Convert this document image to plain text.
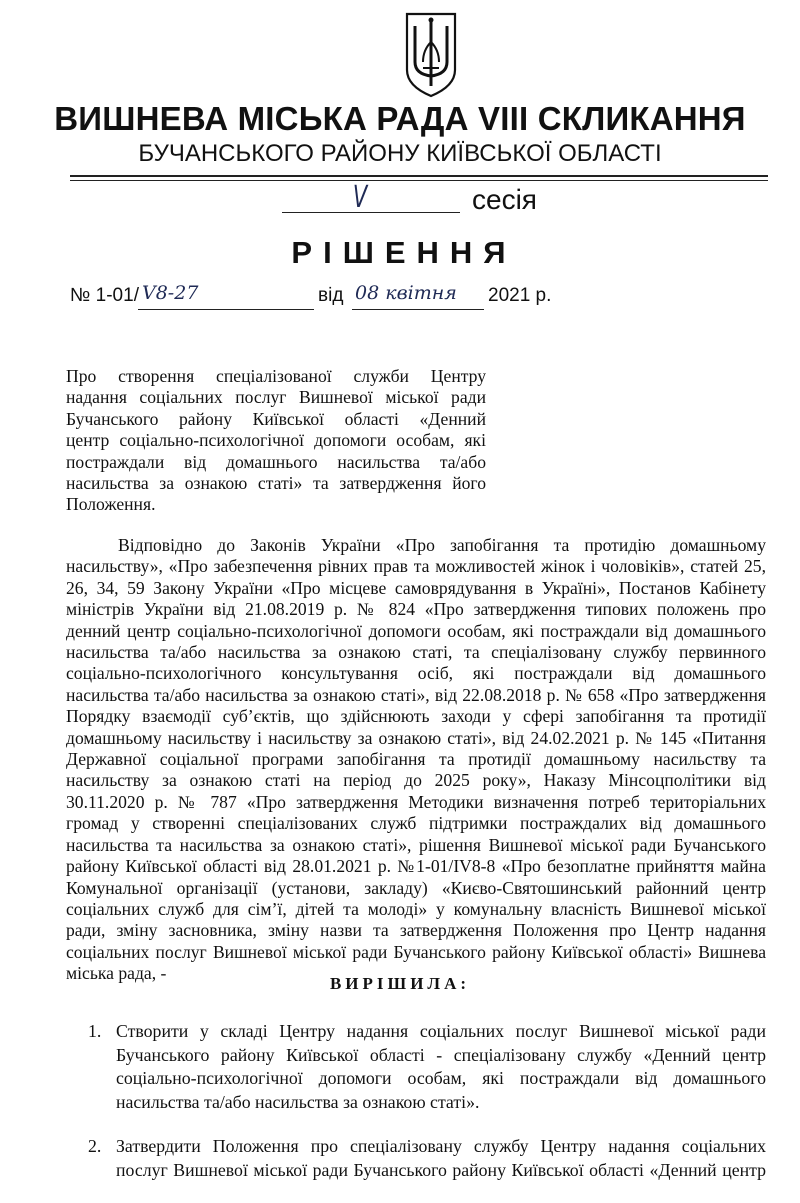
ВИШНЕВА МІСЬКА РАДА VIII СКЛИКАННЯ
БУЧАНСЬКОГО РАЙОНУ КИЇВСЬКОЇ ОБЛАСТІ
V	сесія
РІШЕННЯ
№ 1-01/ V8-27	від 08 квітня 2021 р.
Про створення спеціалізованої служби Центру
надання соціальних послуг Вишневої міської ради
Бучанського району Київської області «Денний
центр соціально-психологічної допомоги особам, які
постраждали від домашнього насильства та/або
насильства за ознакою статі» та затвердження його
Положення.
Відповідно до Законів України «Про запобігання та протидію домашньому
насильству», «Про забезпечення рівних прав та можливостей жінок і чоловіків», статей 25,
26, 34, 59 Закону України «Про місцеве самоврядування в Україні», Постанов Кабінету
міністрів України від 21.08.2019 р. № 824 «Про затвердження типових положень про
денний центр соціально-психологічної допомоги особам, які постраждали від домашнього
насильства та/або насильства за ознакою статі, та спеціалізовану службу первинного
соціально-психологічного консультування осіб, які постраждали від домашнього
насильства та/або насильства за ознакою статі», від 22.08.2018 р. № 658 «Про затвердження
Порядку взаємодії суб’єктів, що здійснюють заходи у сфері запобігання та протидії
домашньому насильству і насильству за ознакою статі», від 24.02.2021 р. № 145 «Питання
Державної соціальної програми запобігання та протидії домашньому насильству та
насильству за ознакою статі на період до 2025 року», Наказу Мінсоцполітики від
30.11.2020 р. № 787 «Про затвердження Методики визначення потреб територіальних
громад у створенні спеціалізованих служб підтримки постраждалих від домашнього
насильства та насильства за ознакою статі», рішення Вишневої міської ради Бучанського
району Київської області від 28.01.2021 р. №1-01/IV8-8 «Про безоплатне прийняття майна
Комунальної організації (установи, закладу) «Києво-Святошинський районний центр
соціальних служб для сім’ї, дітей та молоді» у комунальну власність Вишневої міської
ради, зміну засновника, зміну назви та затвердження Положення про Центр надання
соціальних послуг Вишневої міської ради Бучанського району Київської області» Вишнева
міська рада, -
ВИРІШИЛА:
1. Створити у складі Центру надання соціальних послуг Вишневої міської ради
Бучанського району Київської області - спеціалізовану службу «Денний центр
соціально-психологічної допомоги особам, які постраждали від домашнього
насильства та/або насильства за ознакою статі».
2. Затвердити Положення про спеціалізовану службу Центру надання соціальних
послуг Вишневої міської ради Бучанського району Київської області «Денний центр
